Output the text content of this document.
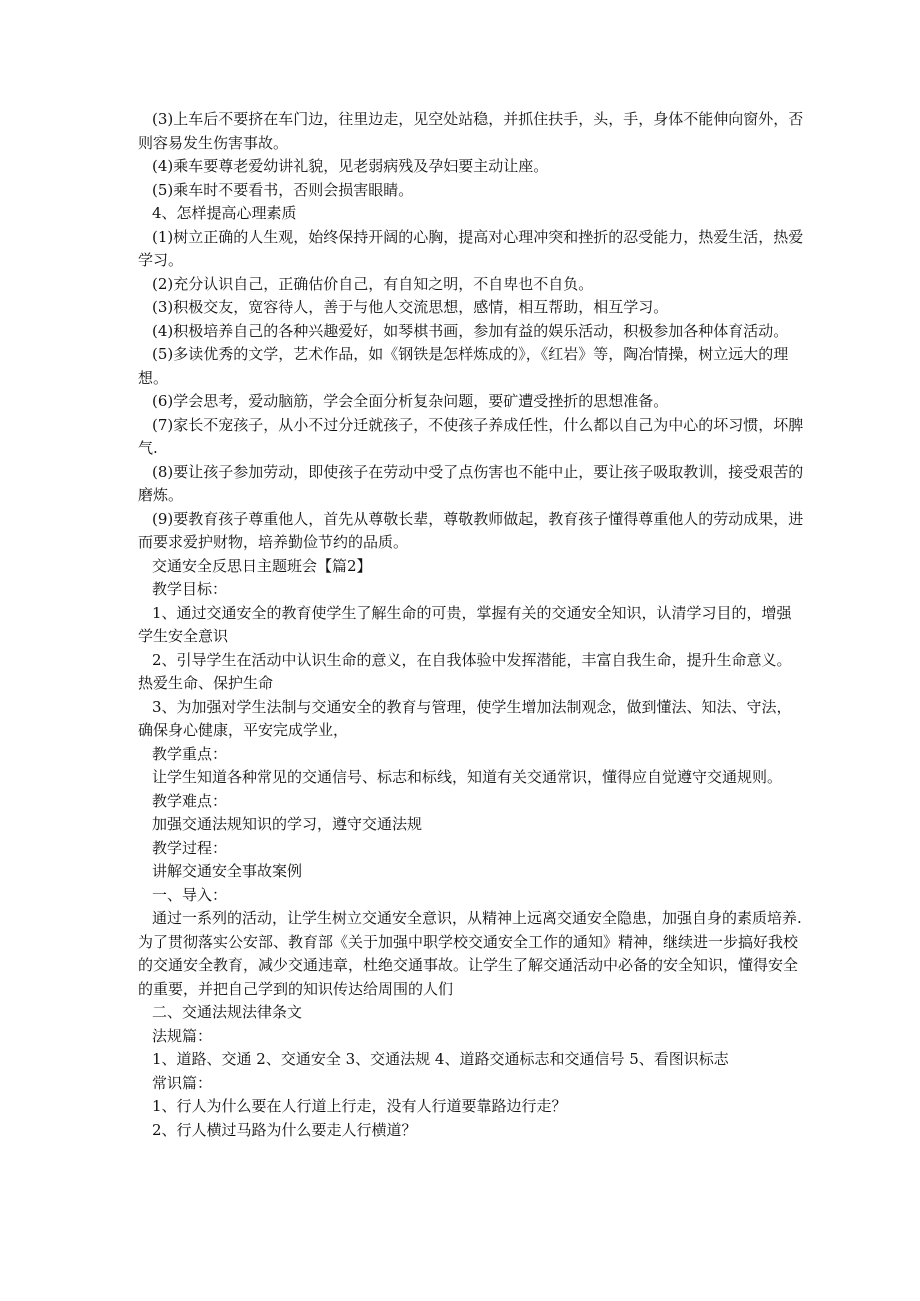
(3)上车后不要挤在车门边，往里边走，见空处站稳，并抓住扶手，头，手，身体不能伸向窗外，否则容易发生伤害事故。

(4)乘车要尊老爱幼讲礼貌，见老弱病残及孕妇要主动让座。

(5)乘车时不要看书，否则会损害眼睛。

4、怎样提高心理素质

(1)树立正确的人生观，始终保持开阔的心胸，提高对心理冲突和挫折的忍受能力，热爱生活，热爱学习。

(2)充分认识自己，正确估价自己，有自知之明，不自卑也不自负。

(3)积极交友，宽容待人，善于与他人交流思想，感情，相互帮助，相互学习。

(4)积极培养自己的各种兴趣爱好，如琴棋书画，参加有益的娱乐活动，积极参加各种体育活动。

(5)多读优秀的文学，艺术作品，如《钢铁是怎样炼成的》，《红岩》等，陶冶情操，树立远大的理想。

(6)学会思考，爱动脑筋，学会全面分析复杂问题，要矿遭受挫折的思想准备。

(7)家长不宠孩子，从小不过分迁就孩子，不使孩子养成任性，什么都以自己为中心的坏习惯，坏脾气.

(8)要让孩子参加劳动，即使孩子在劳动中受了点伤害也不能中止，要让孩子吸取教训，接受艰苦的磨炼。

(9)要教育孩子尊重他人，首先从尊敬长辈，尊敬教师做起，教育孩子懂得尊重他人的劳动成果，进而要求爱护财物，培养勤俭节约的品质。

交通安全反思日主题班会【篇2】

教学目标：

1、通过交通安全的教育使学生了解生命的可贵，掌握有关的交通安全知识，认清学习目的，增强学生安全意识

2、引导学生在活动中认识生命的意义，在自我体验中发挥潜能，丰富自我生命，提升生命意义。热爱生命、保护生命

3、为加强对学生法制与交通安全的教育与管理，使学生增加法制观念，做到懂法、知法、守法，确保身心健康，平安完成学业，

教学重点：

让学生知道各种常见的交通信号、标志和标线，知道有关交通常识，懂得应自觉遵守交通规则。

教学难点：

加强交通法规知识的学习，遵守交通法规

教学过程：

讲解交通安全事故案例

一、导入：

通过一系列的活动，让学生树立交通安全意识，从精神上远离交通安全隐患，加强自身的素质培养. 为了贯彻落实公安部、教育部《关于加强中职学校交通安全工作的通知》精神，继续进一步搞好我校的交通安全教育，减少交通违章，杜绝交通事故。让学生了解交通活动中必备的安全知识，懂得安全的重要，并把自己学到的知识传达给周围的人们

二、交通法规法律条文

法规篇：

1、道路、交通 2、交通安全 3、交通法规 4、道路交通标志和交通信号 5、看图识标志

常识篇：

1、行人为什么要在人行道上行走，没有人行道要靠路边行走？

2、行人横过马路为什么要走人行横道？
